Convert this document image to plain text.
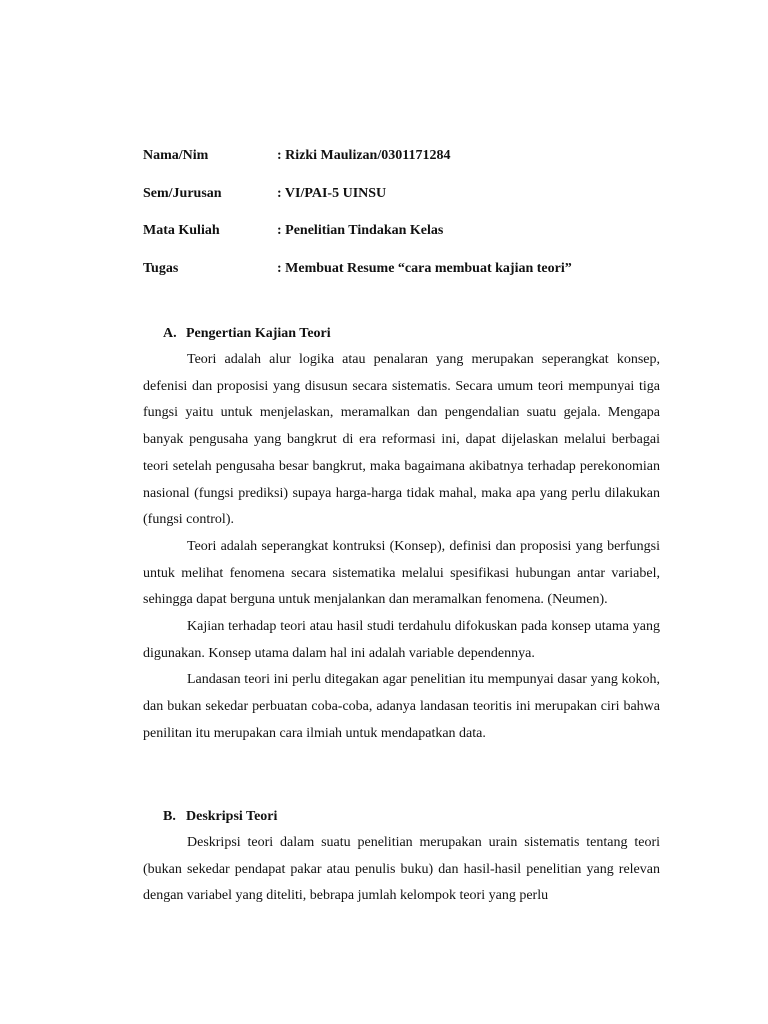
Nama/Nim	: Rizki Maulizan/0301171284
Sem/Jurusan	: VI/PAI-5 UINSU
Mata Kuliah	: Penelitian Tindakan Kelas
Tugas	: Membuat Resume “cara membuat kajian teori”
A. Pengertian Kajian Teori

Teori adalah alur logika atau penalaran yang merupakan seperangkat konsep, defenisi dan proposisi yang disusun secara sistematis. Secara umum teori mempunyai tiga fungsi yaitu untuk menjelaskan, meramalkan dan pengendalian suatu gejala. Mengapa banyak pengusaha yang bangkrut di era reformasi ini, dapat dijelaskan melalui berbagai teori setelah pengusaha besar bangkrut, maka bagaimana akibatnya terhadap perekonomian nasional (fungsi prediksi) supaya harga-harga tidak mahal, maka apa yang perlu dilakukan (fungsi control).

Teori adalah seperangkat kontruksi (Konsep), definisi dan proposisi yang berfungsi untuk melihat fenomena secara sistematika melalui spesifikasi hubungan antar variabel, sehingga dapat berguna untuk menjalankan dan meramalkan fenomena. (Neumen).

Kajian terhadap teori atau hasil studi terdahulu difokuskan pada konsep utama yang digunakan. Konsep utama dalam hal ini adalah variable dependennya.

Landasan teori ini perlu ditegakan agar penelitian itu mempunyai dasar yang kokoh, dan bukan sekedar perbuatan coba-coba, adanya landasan teoritis ini merupakan ciri bahwa penilitan itu merupakan cara ilmiah untuk mendapatkan data.

B. Deskripsi Teori

Deskripsi teori dalam suatu penelitian merupakan urain sistematis tentang teori (bukan sekedar pendapat pakar atau penulis buku) dan hasil-hasil penelitian yang relevan dengan variabel yang diteliti, bebrapa jumlah kelompok teori yang perlu
